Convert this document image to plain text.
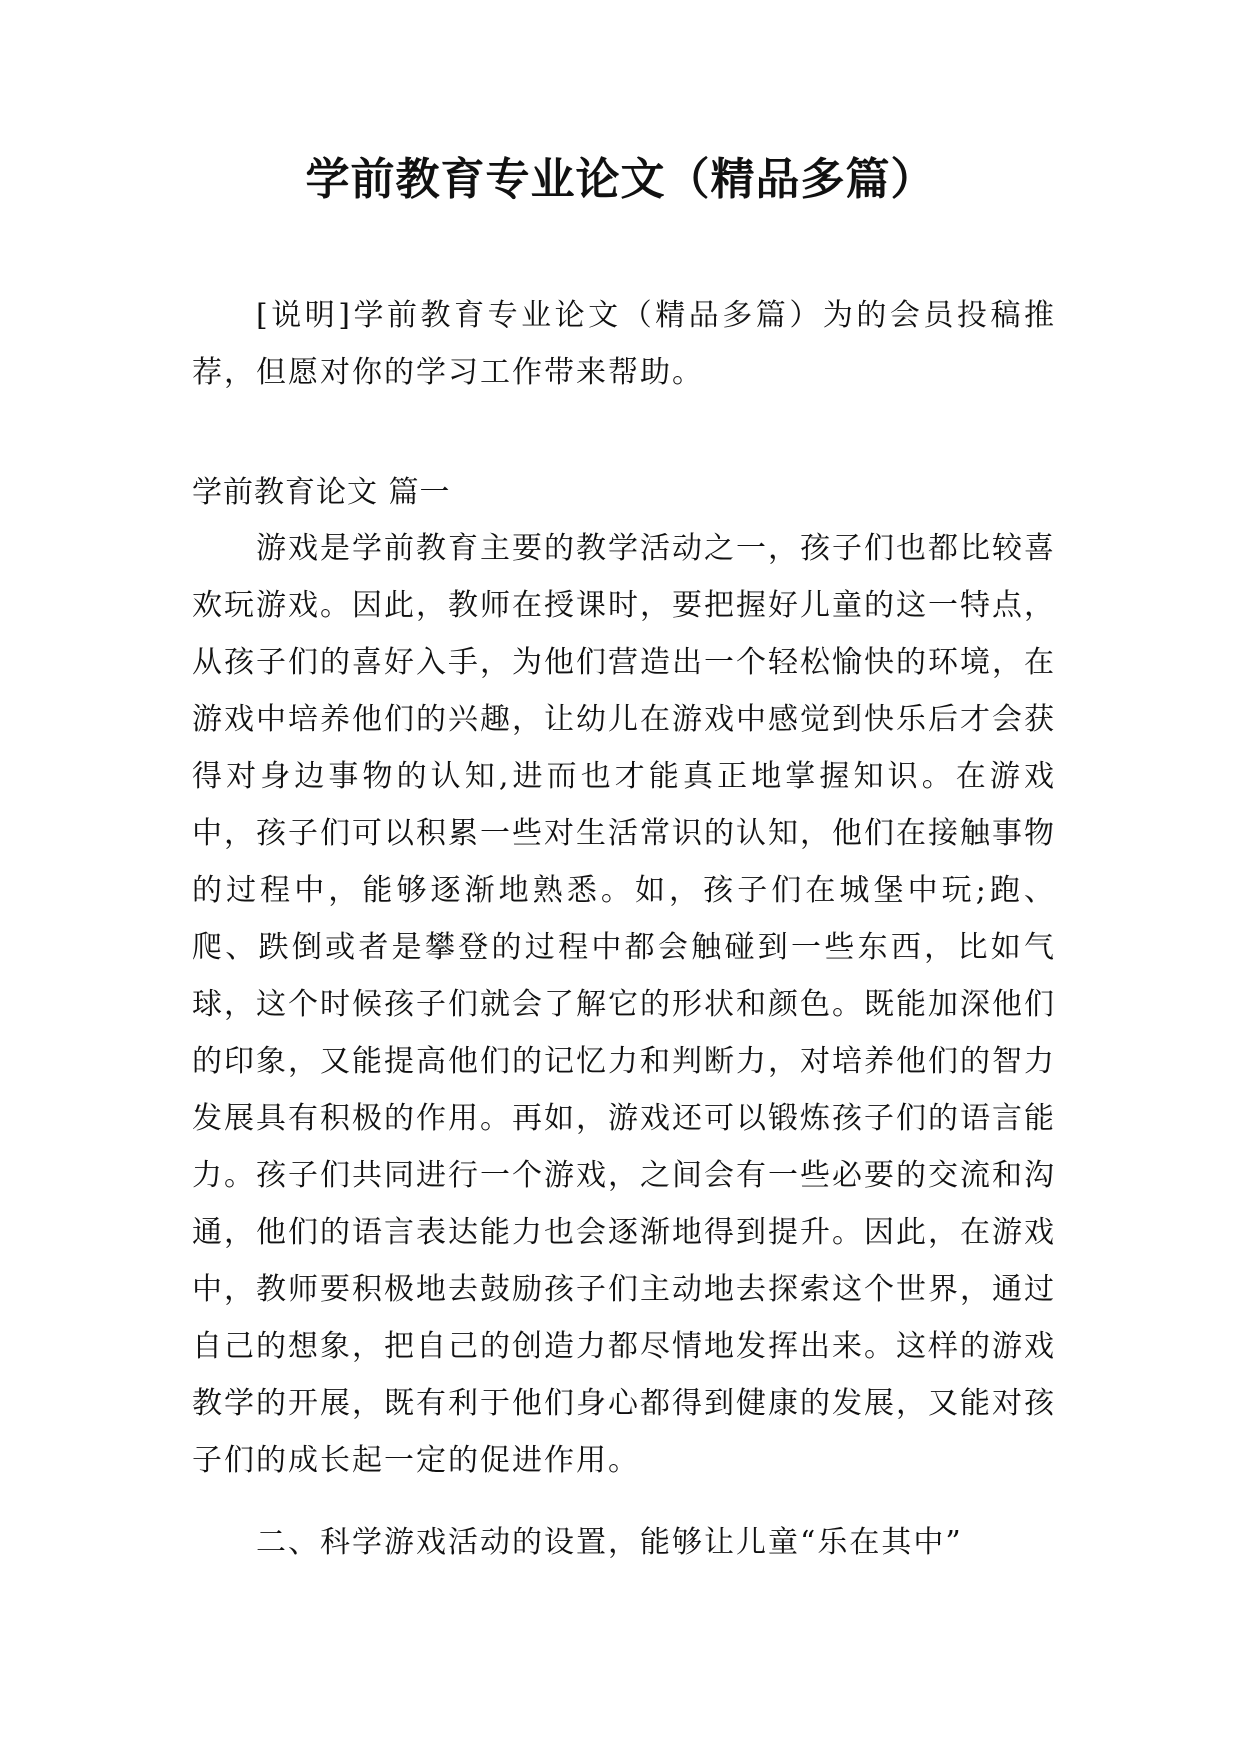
学前教育专业论文（精品多篇）

[说明]学前教育专业论文（精品多篇）为的会员投稿推荐，但愿对你的学习工作带来帮助。

学前教育论文 篇一

游戏是学前教育主要的教学活动之一，孩子们也都比较喜欢玩游戏。因此，教师在授课时，要把握好儿童的这一特点，从孩子们的喜好入手，为他们营造出一个轻松愉快的环境，在游戏中培养他们的兴趣，让幼儿在游戏中感觉到快乐后才会获得对身边事物的认知,进而也才能真正地掌握知识。在游戏中，孩子们可以积累一些对生活常识的认知，他们在接触事物的过程中，能够逐渐地熟悉。如，孩子们在城堡中玩;跑、爬、跌倒或者是攀登的过程中都会触碰到一些东西，比如气球，这个时候孩子们就会了解它的形状和颜色。既能加深他们的印象，又能提高他们的记忆力和判断力，对培养他们的智力发展具有积极的作用。再如，游戏还可以锻炼孩子们的语言能力。孩子们共同进行一个游戏，之间会有一些必要的交流和沟通，他们的语言表达能力也会逐渐地得到提升。因此，在游戏中，教师要积极地去鼓励孩子们主动地去探索这个世界，通过自己的想象，把自己的创造力都尽情地发挥出来。这样的游戏教学的开展，既有利于他们身心都得到健康的发展，又能对孩子们的成长起一定的促进作用。

二、科学游戏活动的设置，能够让儿童“乐在其中”
